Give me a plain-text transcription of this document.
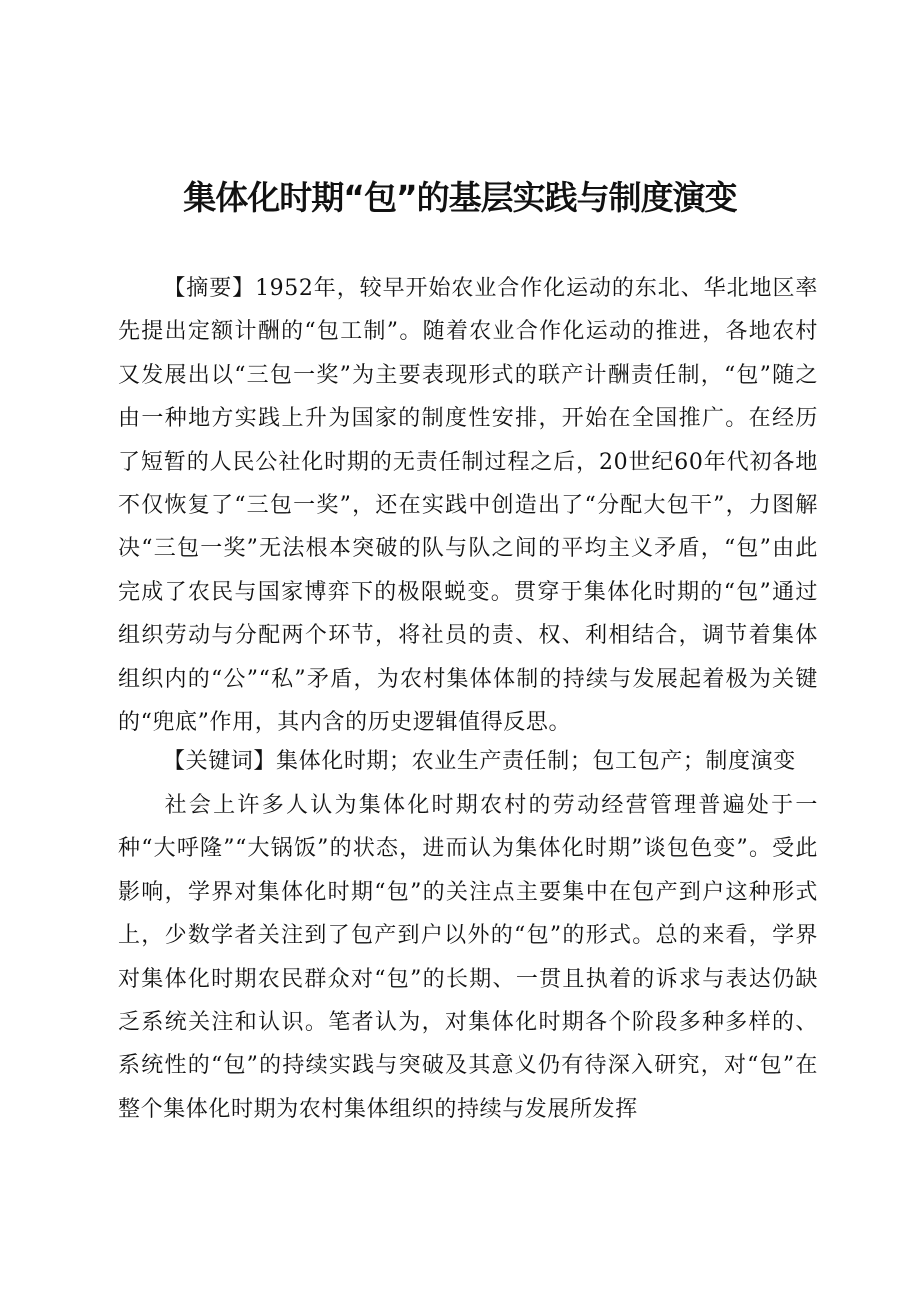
集体化时期“包”的基层实践与制度演变

【摘要】1952年，较早开始农业合作化运动的东北、华北地区率先提出定额计酬的“包工制”。随着农业合作化运动的推进，各地农村又发展出以“三包一奖”为主要表现形式的联产计酬责任制，“包”随之由一种地方实践上升为国家的制度性安排，开始在全国推广。在经历了短暂的人民公社化时期的无责任制过程之后，20世纪60年代初各地不仅恢复了“三包一奖”，还在实践中创造出了“分配大包干”，力图解决“三包一奖”无法根本突破的队与队之间的平均主义矛盾，“包”由此完成了农民与国家博弈下的极限蜕变。贯穿于集体化时期的“包”通过组织劳动与分配两个环节，将社员的责、权、利相结合，调节着集体组织内的“公”“私”矛盾，为农村集体体制的持续与发展起着极为关键的“兜底”作用，其内含的历史逻辑值得反思。

【关键词】集体化时期；农业生产责任制；包工包产；制度演变

社会上许多人认为集体化时期农村的劳动经营管理普遍处于一种“大呼隆”“大锅饭”的状态，进而认为集体化时期”谈包色变”。受此影响，学界对集体化时期“包”的关注点主要集中在包产到户这种形式上，少数学者关注到了包产到户以外的“包”的形式。总的来看，学界对集体化时期农民群众对“包”的长期、一贯且执着的诉求与表达仍缺乏系统关注和认识。笔者认为，对集体化时期各个阶段多种多样的、系统性的“包”的持续实践与突破及其意义仍有待深入研究，对“包”在整个集体化时期为农村集体组织的持续与发展所发挥
